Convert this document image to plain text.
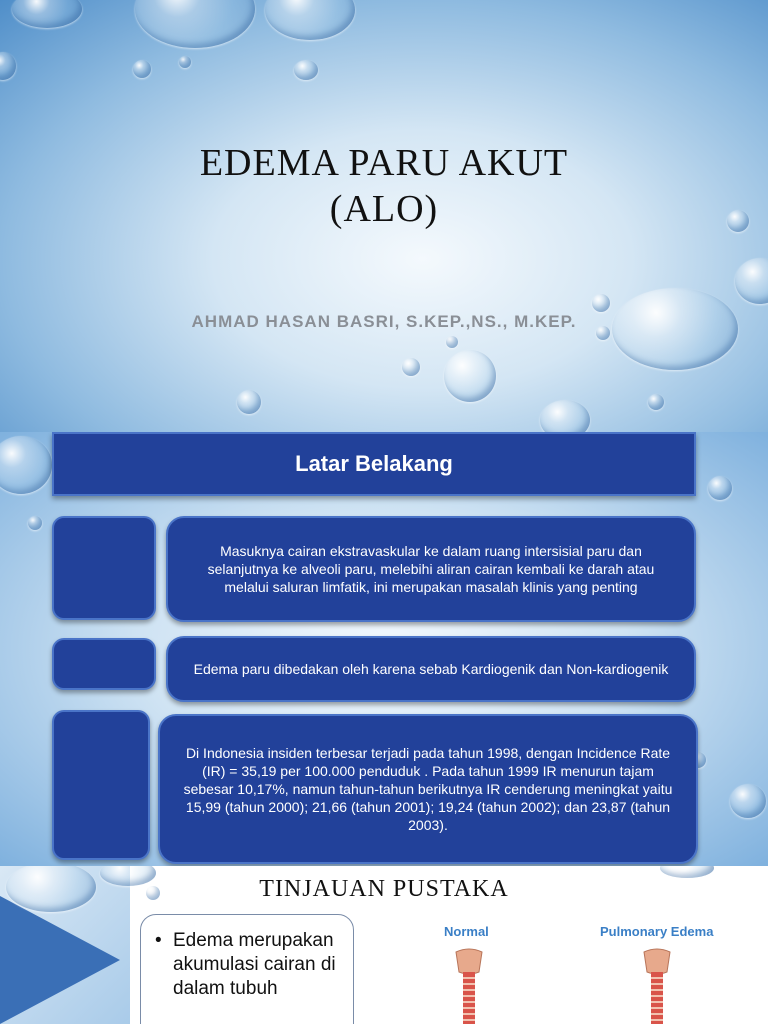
EDEMA PARU AKUT
(ALO)
AHMAD HASAN BASRI, S.KEP.,NS., M.KEP.
Latar Belakang
Masuknya cairan ekstravaskular ke dalam ruang intersisial paru dan selanjutnya ke alveoli paru, melebihi aliran cairan kembali ke darah atau melalui saluran limfatik, ini merupakan masalah klinis yang penting
Edema paru dibedakan oleh karena sebab Kardiogenik dan Non-kardiogenik
Di Indonesia insiden terbesar terjadi pada tahun 1998, dengan Incidence Rate (IR) = 35,19 per 100.000 penduduk . Pada tahun 1999 IR menurun tajam sebesar 10,17%, namun tahun-tahun berikutnya IR cenderung meningkat yaitu 15,99 (tahun 2000); 21,66 (tahun 2001); 19,24 (tahun 2002); dan 23,87 (tahun 2003).
TINJAUAN PUSTAKA
• Edema merupakan akumulasi cairan di dalam tubuh
Normal	Pulmonary Edema
